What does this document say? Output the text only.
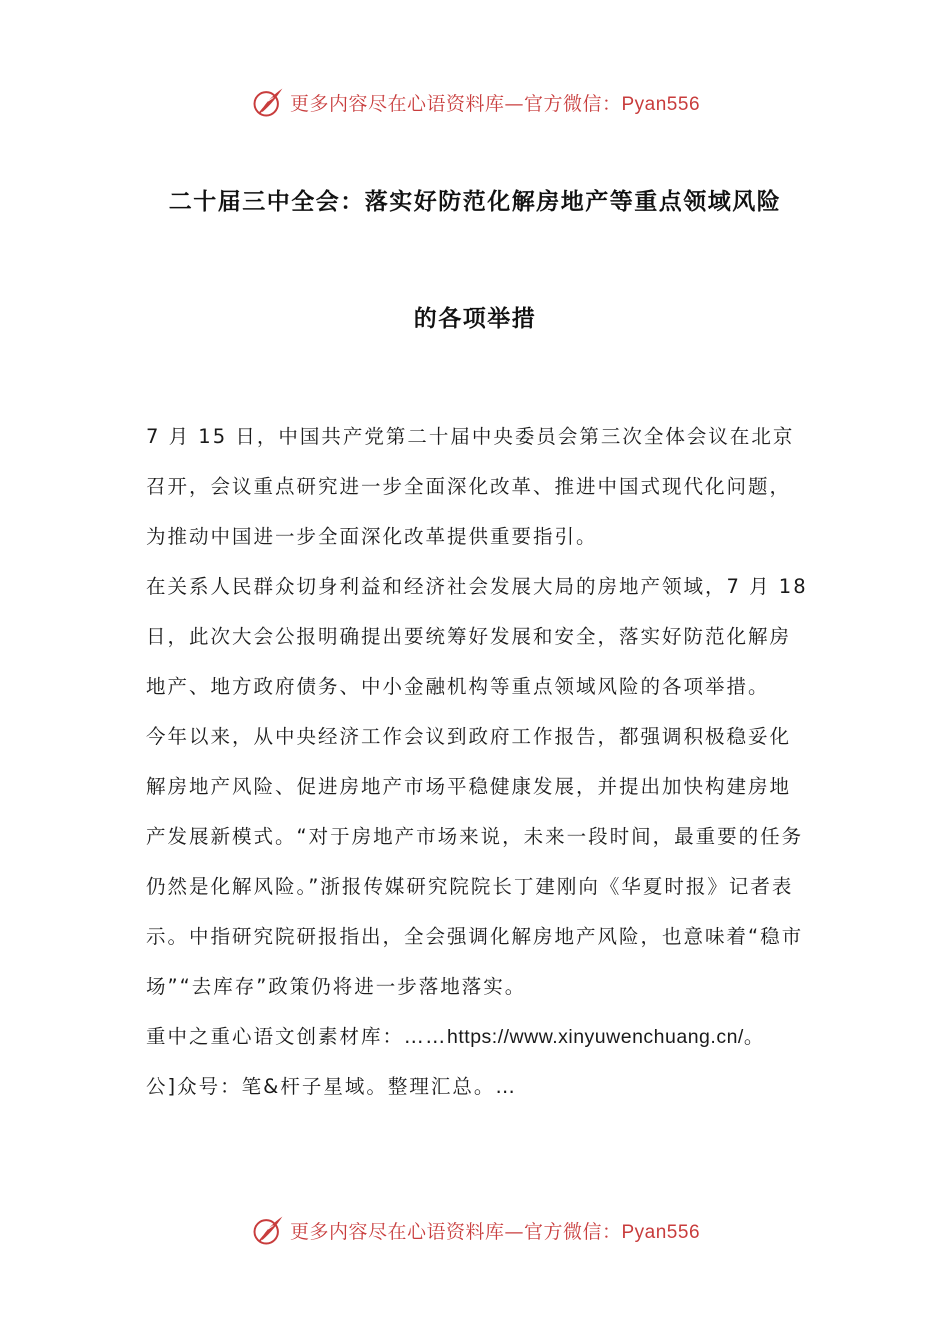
更多内容尽在心语资料库—官方微信：Pyan556
二十届三中全会：落实好防范化解房地产等重点领域风险
的各项举措

7 月 15 日，中国共产党第二十届中央委员会第三次全体会议在北京召开，会议重点研究进一步全面深化改革、推进中国式现代化问题，为推动中国进一步全面深化改革提供重要指引。

在关系人民群众切身利益和经济社会发展大局的房地产领域，7 月 18 日，此次大会公报明确提出要统筹好发展和安全，落实好防范化解房地产、地方政府债务、中小金融机构等重点领域风险的各项举措。

今年以来，从中央经济工作会议到政府工作报告，都强调积极稳妥化解房地产风险、促进房地产市场平稳健康发展，并提出加快构建房地产发展新模式。“对于房地产市场来说，未来一段时间，最重要的任务仍然是化解风险。”浙报传媒研究院院长丁建刚向《华夏时报》记者表示。中指研究院研报指出，全会强调化解房地产风险，也意味着“稳市场”“去库存”政策仍将进一步落地落实。

重中之重心语文创素材库：……https://www.xinyuwenchuang.cn/。

公]众号：笔&杆子星域。整理汇总。…

更多内容尽在心语资料库—官方微信：Pyan556
